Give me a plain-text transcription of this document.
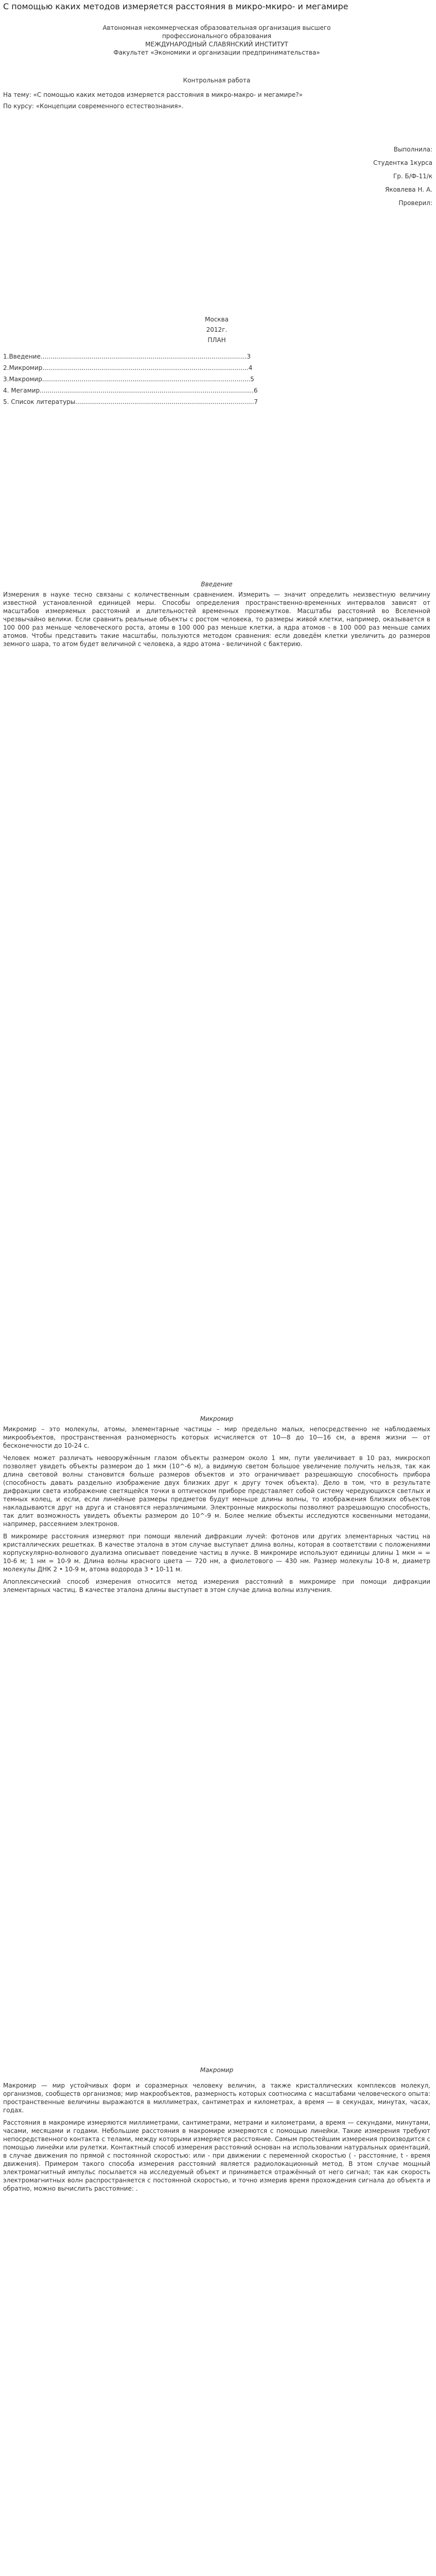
С помощью каких методов измеряется расстояния в микро-мкиро- и мегамире
Автономная некоммерческая образовательная организация высшего
профессионального образования
МЕЖДУНАРОДНЫЙ СЛАВЯНСКИЙ ИНСТИТУТ
Факультет «Экономики и организации предпринимательства»
Контрольная работа
На тему: «С помощью каких методов измеряется расстояния в микро-макро- и мегамире?»
По курсу: «Концепции современного естествознания».
Выполнила:
Студентка 1курса
Гр. Б/Ф-11/к
Яковлева Н. А.
Проверил:
Москва
2012г.
ПЛАН
1.Введение.........................................................................................................3
2.Микромир.........................................................................................................4
3.Макромир..........................................................................................................5
4. Мегамир.............................................................................................................6
5. Список литературы...........................................................................................7

Введение

Измерения в науке тесно связаны с количественным сравнением. Измерить — значит определить неизвестную величину известной установленной единицей меры. Способы определения пространственно-временных интервалов зависят от масштабов измеряемых расстояний и длительностей временных промежутков. Масштабы расстояний во Вселенной чрезвычайно велики. Если сравнить реальные объекты с ростом человека, то размеры живой клетки, например, оказывается в 100 000 раз меньше человеческого роста, атомы в 100 000 раз меньше клетки, а ядра атомов - в 100 000 раз меньше самих атомов. Чтобы представить такие масштабы, пользуются методом сравнения: если доведём клетки увеличить до размеров земного шара, то атом будет величиной с человека, а ядро атома - величиной с бактерию.

Микромир

Микромир – это молекулы, атомы, элементарные частицы – мир предельно малых, непосредственно не наблюдаемых микрообъектов, пространственная разномерность которых исчисляется от 10—8 до 10—16 см, а время жизни — от бесконечности до 10-24 с.
Человек может различать невооружённым глазом объекты размером около 1 мм, пути увеличивает в 10 раз, микроскоп позволяет увидеть объекты размером до 1 мкм (10^-6 м), а видимую светом большое увеличение получить нельзя, так как длина световой волны становится больше размеров объектов и это ограничивает разрешающую способность прибора (способность давать раздельно изображение двух близких друг к другу точек объекта). Дело в том, что в результате дифракции света изображение светящейся точки в оптическом приборе представляет собой систему чередующихся светлых и темных колец, и если, если линейные размеры предметов будут меньше длины волны, то изображения близких объектов накладываются друг на друга и становятся неразличимыми. Электронные микроскопы позволяют разрешающую способность, так длит возможность увидеть объекты размером до 10^-9 м. Более мелкие объекты исследуются косвенными методами, например, рассеянием электронов.
В микромире расстояния измеряют при помощи явлений дифракции лучей: фотонов или других элементарных частиц на кристаллических решетках. В качестве эталона в этом случае выступает длина волны, которая в соответствии с положениями корпускулярно-волнового дуализма описывает поведение частиц в лучке. В микромире используют единицы длины 1 мкм = = 10-6 м; 1 нм = 10-9 м. Длина волны красного цвета — 720 нм, а фиолетового — 430 нм. Размер молекулы 10-8 м, диаметр молекулы ДНК 2 • 10-9 м, атома водорода 3 • 10-11 м.
Апоплексический способ измерения относится метод измерения расстояний в микромире при помощи дифракции элементарных частиц. В качестве эталона длины выступает в этом случае длина волны излучения.

Макромир

Макромир — мир устойчивых форм и соразмерных человеку величин, а также кристаллических комплексов молекул, организмов, сообществ организмов; мир макрообъектов, размерность которых соотносима с масштабами человеческого опыта: пространственные величины выражаются в миллиметрах, сантиметрах и километрах, а время — в секундах, минутах, часах, годах.
Расстояния в макромире измеряются миллиметрами, сантиметрами, метрами и километрами, а время — секундами, минутами, часами, месяцами и годами. Небольшие расстояния в макромире измеряются с помощью линейки. Такие измерения требуют непосредственного контакта с телами, между которыми измеряется расстояние. Самым простейшим измерения производится с помощью линейки или рулетки. Контактный способ измерения расстояний основан на использовании натуральных ориентаций, в случае движения по прямой с постоянной скоростью: или - при движении с переменной скоростью ( - расстояние, t - время движения). Примером такого способа измерения расстояний является радиолокационный метод. В этом случае мощный электромагнитный импульс посылается на исследуемый объект и принимается отражённый от него сигнал; так как скорость электромагнитных волн распространяется с постоянной скоростью, и точно измерив время прохождения сигнала до объекта и обратно, можно вычислить расстояние: .
